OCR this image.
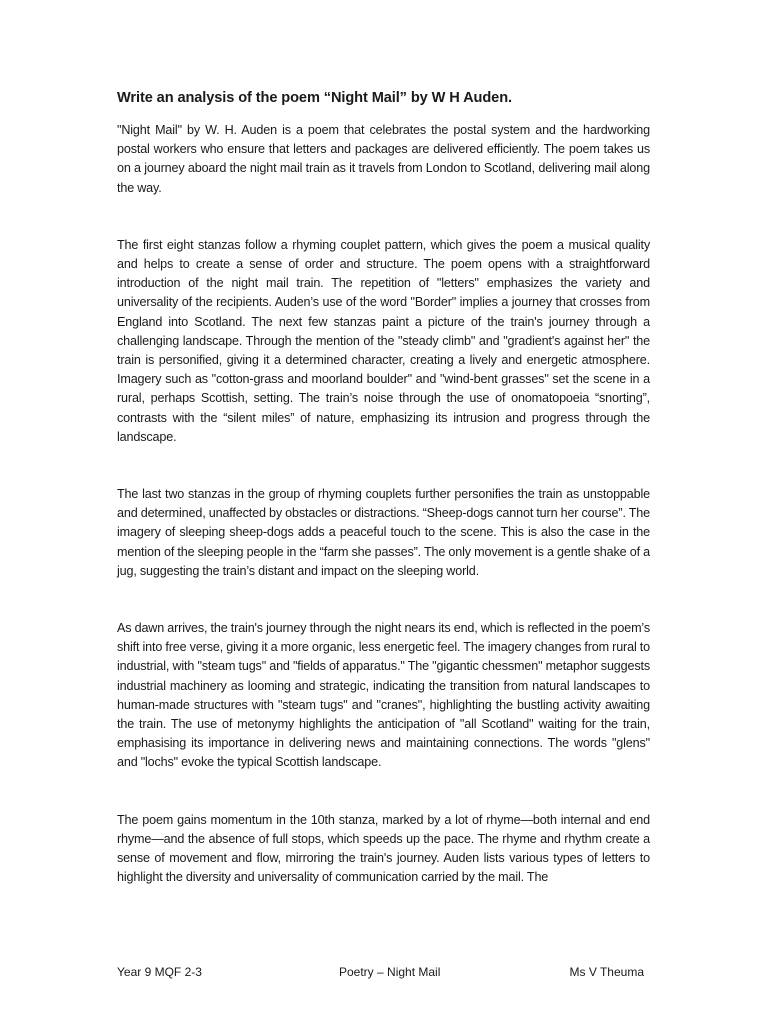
Write an analysis of the poem “Night Mail” by W H Auden.

"Night Mail" by W. H. Auden is a poem that celebrates the postal system and the hardworking postal workers who ensure that letters and packages are delivered efficiently. The poem takes us on a journey aboard the night mail train as it travels from London to Scotland, delivering mail along the way.

The first eight stanzas follow a rhyming couplet pattern, which gives the poem a musical quality and helps to create a sense of order and structure. The poem opens with a straightforward introduction of the night mail train. The repetition of "letters" emphasizes the variety and universality of the recipients. Auden’s use of the word "Border" implies a journey that crosses from England into Scotland. The next few stanzas paint a picture of the train's journey through a challenging landscape. Through the mention of the "steady climb" and "gradient's against her" the train is personified, giving it a determined character, creating a lively and energetic atmosphere. Imagery such as "cotton-grass and moorland boulder" and "wind-bent grasses" set the scene in a rural, perhaps Scottish, setting. The train’s noise through the use of onomatopoeia “snorting”, contrasts with the “silent miles” of nature, emphasizing its intrusion and progress through the landscape.

The last two stanzas in the group of rhyming couplets further personifies the train as unstoppable and determined, unaffected by obstacles or distractions. “Sheep-dogs cannot turn her course”. The imagery of sleeping sheep-dogs adds a peaceful touch to the scene. This is also the case in the mention of the sleeping people in the “farm she passes”. The only movement is a gentle shake of a jug, suggesting the train’s distant and impact on the sleeping world.

As dawn arrives, the train's journey through the night nears its end, which is reflected in the poem’s shift into free verse, giving it a more organic, less energetic feel. The imagery changes from rural to industrial, with "steam tugs" and "fields of apparatus." The "gigantic chessmen" metaphor suggests industrial machinery as looming and strategic, indicating the transition from natural landscapes to human-made structures with "steam tugs" and "cranes", highlighting the bustling activity awaiting the train. The use of metonymy highlights the anticipation of "all Scotland" waiting for the train, emphasising its importance in delivering news and maintaining connections. The words "glens" and "lochs" evoke the typical Scottish landscape.

The poem gains momentum in the 10th stanza, marked by a lot of rhyme—both internal and end rhyme—and the absence of full stops, which speeds up the pace. The rhyme and rhythm create a sense of movement and flow, mirroring the train's journey. Auden lists various types of letters to highlight the diversity and universality of communication carried by the mail. The

Year 9 MQF 2-3	Poetry – Night Mail	Ms V Theuma
